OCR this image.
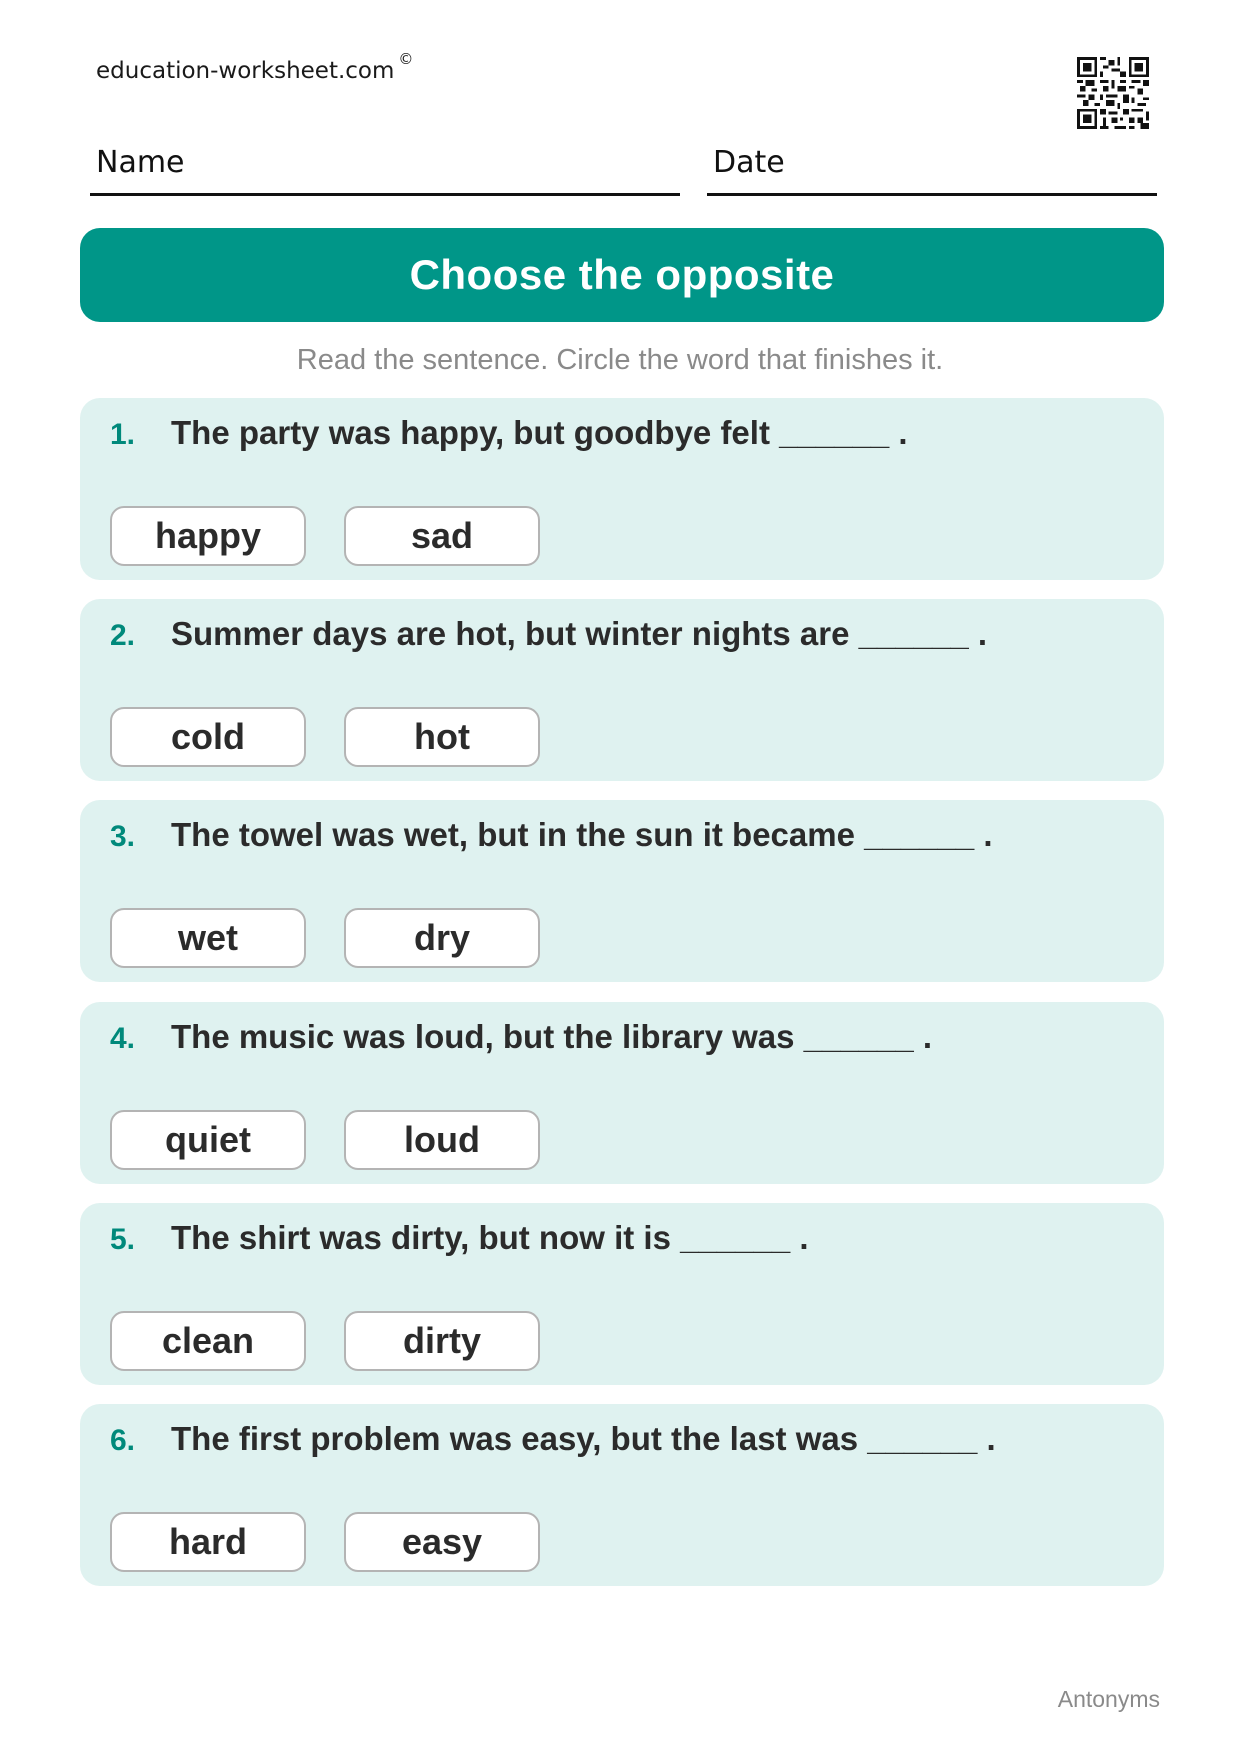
education-worksheet.com ©
Name	Date
Choose the opposite
Read the sentence. Circle the word that finishes it.
1. The party was happy, but goodbye felt ______ .
happy	sad
2. Summer days are hot, but winter nights are ______ .
cold	hot
3. The towel was wet, but in the sun it became ______ .
wet	dry
4. The music was loud, but the library was ______ .
quiet	loud
5. The shirt was dirty, but now it is ______ .
clean	dirty
6. The first problem was easy, but the last was ______ .
hard	easy
Antonyms
